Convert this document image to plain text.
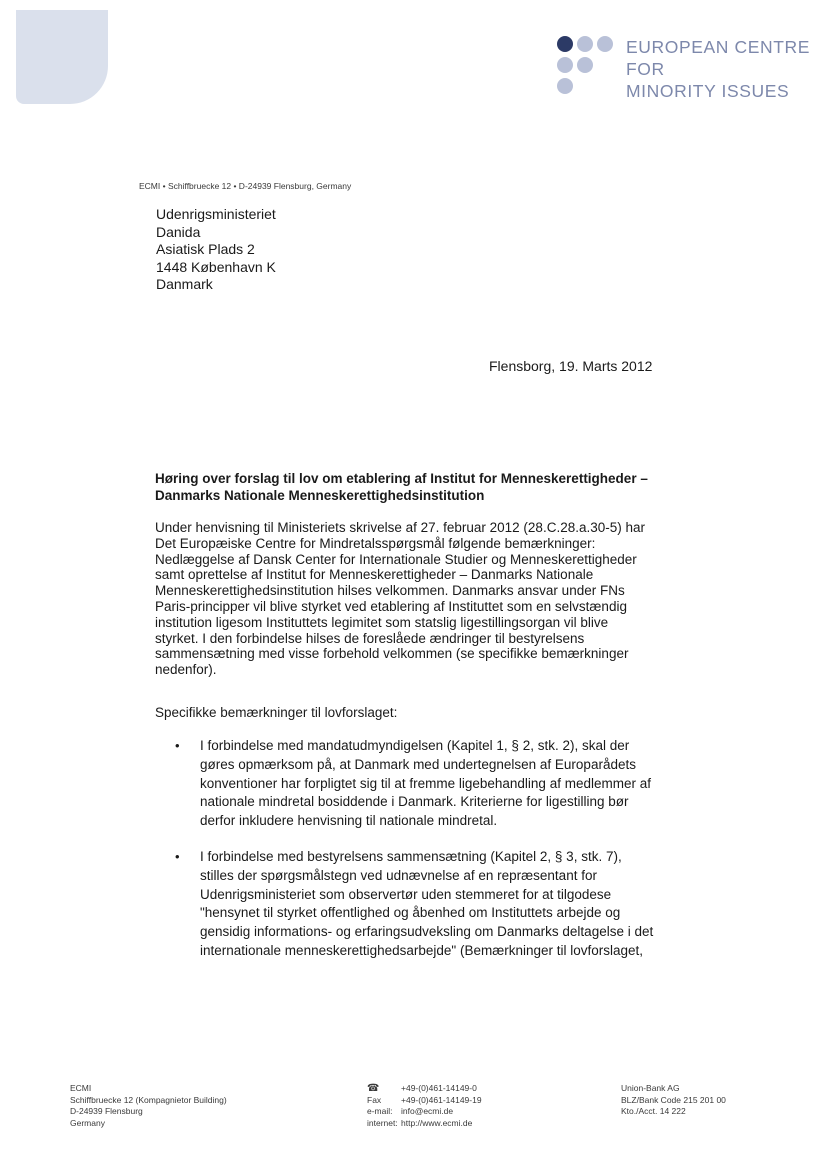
EUROPEAN CENTRE
FOR
MINORITY ISSUES
ECMI • Schiffbruecke 12 • D-24939 Flensburg, Germany
Udenrigsministeriet
Danida
Asiatisk Plads 2
1448 København K
Danmark
Flensborg, 19. Marts 2012
Høring over forslag til lov om etablering af Institut for Menneskerettigheder –
Danmarks Nationale Menneskerettighedsinstitution
Under henvisning til Ministeriets skrivelse af 27. februar 2012 (28.C.28.a.30-5) har
Det Europæiske Centre for Mindretalsspørgsmål følgende bemærkninger:
Nedlæggelse af Dansk Center for Internationale Studier og Menneskerettigheder
samt oprettelse af Institut for Menneskerettigheder – Danmarks Nationale
Menneskerettighedsinstitution hilses velkommen. Danmarks ansvar under FNs
Paris-principper vil blive styrket ved etablering af Instituttet som en selvstændig
institution ligesom Instituttets legimitet som statslig ligestillingsorgan vil blive
styrket. I den forbindelse hilses de foreslåede ændringer til bestyrelsens
sammensætning med visse forbehold velkommen (se specifikke bemærkninger
nedenfor).
Specifikke bemærkninger til lovforslaget:
• I forbindelse med mandatudmyndigelsen (Kapitel 1, § 2, stk. 2), skal der
gøres opmærksom på, at Danmark med undertegnelsen af Europarådets
konventioner har forpligtet sig til at fremme ligebehandling af medlemmer af
nationale mindretal bosiddende i Danmark. Kriterierne for ligestilling bør
derfor inkludere henvisning til nationale mindretal.
• I forbindelse med bestyrelsens sammensætning (Kapitel 2, § 3, stk. 7),
stilles der spørgsmålstegn ved udnævnelse af en repræsentant for
Udenrigsministeriet som observertør uden stemmeret for at tilgodese
"hensynet til styrket offentlighed og åbenhed om Instituttets arbejde og
gensidig informations- og erfaringsudveksling om Danmarks deltagelse i det
internationale menneskerettighedsarbejde" (Bemærkninger til lovforslaget,
ECMI
Schiffbruecke 12 (Kompagnietor Building)
D-24939 Flensburg
Germany
☎	+49-(0)461-14149-0
Fax	+49-(0)461-14149-19
e-mail: info@ecmi.de
internet: http://www.ecmi.de
Union-Bank AG
BLZ/Bank Code 215 201 00
Kto./Acct. 14 222
